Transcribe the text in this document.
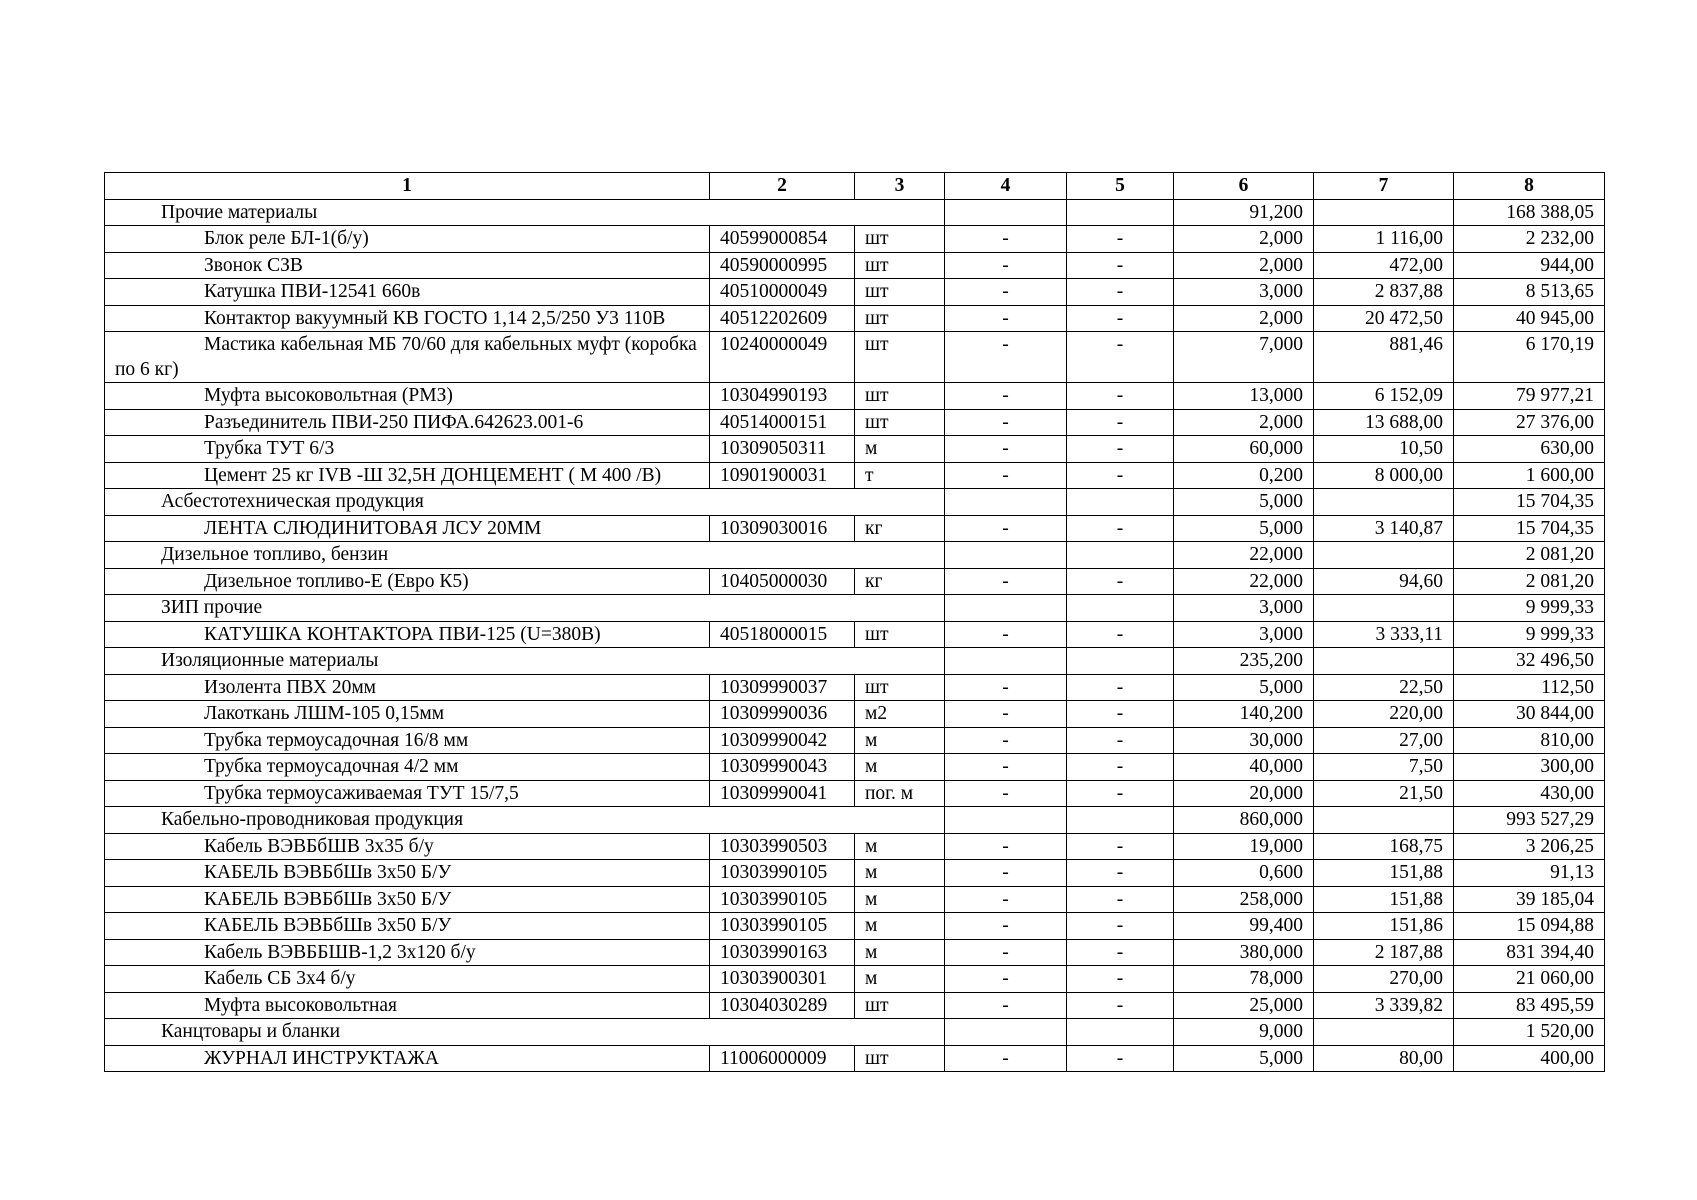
1	2	3	4	5	6	7	8
Прочие материалы					91,200		168 388,05
Блок реле БЛ-1(б/у)	40599000854	шт	-	-	2,000	1 116,00	2 232,00
Звонок СЗВ	40590000995	шт	-	-	2,000	472,00	944,00
Катушка ПВИ-12541 660в	40510000049	шт	-	-	3,000	2 837,88	8 513,65
Контактор вакуумный КВ ГОСТО 1,14 2,5/250 У3 110В	40512202609	шт	-	-	2,000	20 472,50	40 945,00
Мастика кабельная МБ 70/60 для кабельных муфт (коробка по 6 кг)	10240000049	шт	-	-	7,000	881,46	6 170,19
Муфта высоковольтная (РМЗ)	10304990193	шт	-	-	13,000	6 152,09	79 977,21
Разъединитель ПВИ-250 ПИФА.642623.001-6	40514000151	шт	-	-	2,000	13 688,00	27 376,00
Трубка ТУТ 6/3	10309050311	м	-	-	60,000	10,50	630,00
Цемент 25 кг IVB -Ш 32,5Н ДОНЦЕМЕНТ ( М 400 /В)	10901900031	т	-	-	0,200	8 000,00	1 600,00
Асбестотехническая продукция					5,000		15 704,35
ЛЕНТА СЛЮДИНИТОВАЯ ЛСУ 20ММ	10309030016	кг	-	-	5,000	3 140,87	15 704,35
Дизельное топливо, бензин					22,000		2 081,20
Дизельное топливо-Е (Евро К5)	10405000030	кг	-	-	22,000	94,60	2 081,20
ЗИП прочие					3,000		9 999,33
КАТУШКА КОНТАКТОРА ПВИ-125 (U=380В)	40518000015	шт	-	-	3,000	3 333,11	9 999,33
Изоляционные материалы					235,200		32 496,50
Изолента ПВХ 20мм	10309990037	шт	-	-	5,000	22,50	112,50
Лакоткань ЛШМ-105 0,15мм	10309990036	м2	-	-	140,200	220,00	30 844,00
Трубка термоусадочная 16/8 мм	10309990042	м	-	-	30,000	27,00	810,00
Трубка термоусадочная 4/2 мм	10309990043	м	-	-	40,000	7,50	300,00
Трубка термоусаживаемая ТУТ 15/7,5	10309990041	пог. м	-	-	20,000	21,50	430,00
Кабельно-проводниковая продукция					860,000		993 527,29
Кабель ВЭВБбШВ 3х35 б/у	10303990503	м	-	-	19,000	168,75	3 206,25
КАБЕЛЬ ВЭВБбШв 3х50 Б/У	10303990105	м	-	-	0,600	151,88	91,13
КАБЕЛЬ ВЭВБбШв 3х50 Б/У	10303990105	м	-	-	258,000	151,88	39 185,04
КАБЕЛЬ ВЭВБбШв 3х50 Б/У	10303990105	м	-	-	99,400	151,86	15 094,88
Кабель ВЭВББШВ-1,2 3х120 б/у	10303990163	м	-	-	380,000	2 187,88	831 394,40
Кабель СБ 3х4 б/у	10303900301	м	-	-	78,000	270,00	21 060,00
Муфта высоковольтная	10304030289	шт	-	-	25,000	3 339,82	83 495,59
Канцтовары и бланки					9,000		1 520,00
ЖУРНАЛ ИНСТРУКТАЖА	11006000009	шт	-	-	5,000	80,00	400,00
